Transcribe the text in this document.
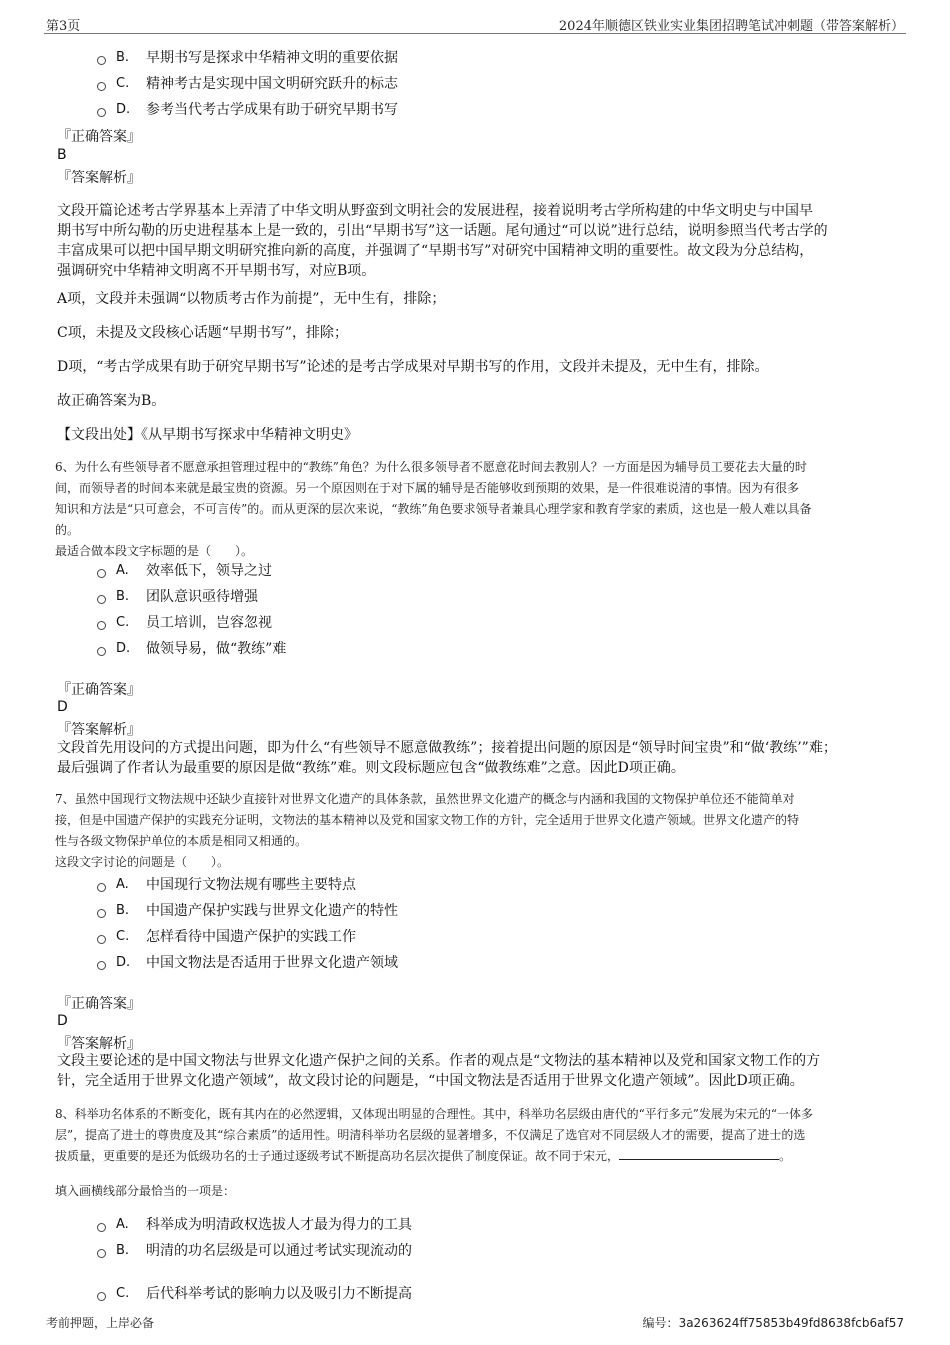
第3页	2024年顺德区铁业实业集团招聘笔试冲刺题（带答案解析）
B.	早期书写是探求中华精神文明的重要依据
C.	精神考古是实现中国文明研究跃升的标志
D.	参考当代考古学成果有助于研究早期书写
『正确答案』
B
『答案解析』
文段开篇论述考古学界基本上弄清了中华文明从野蛮到文明社会的发展进程，接着说明考古学所构建的中华文明史与中国早
期书写中所勾勒的历史进程基本上是一致的，引出“早期书写”这一话题。尾句通过“可以说”进行总结，说明参照当代考古学的
丰富成果可以把中国早期文明研究推向新的高度，并强调了“早期书写”对研究中国精神文明的重要性。故文段为分总结构，
强调研究中华精神文明离不开早期书写，对应B项。
A项，文段并未强调“以物质考古作为前提”，无中生有，排除；
C项，未提及文段核心话题“早期书写”，排除；
D项，“考古学成果有助于研究早期书写”论述的是考古学成果对早期书写的作用，文段并未提及，无中生有，排除。
故正确答案为B。
【文段出处】《从早期书写探求中华精神文明史》
6、为什么有些领导者不愿意承担管理过程中的“教练”角色？为什么很多领导者不愿意花时间去教别人？一方面是因为辅导员工要花去大量的时
间，而领导者的时间本来就是最宝贵的资源。另一个原因则在于对下属的辅导是否能够收到预期的效果，是一件很难说清的事情。因为有很多
知识和方法是“只可意会，不可言传”的。而从更深的层次来说，“教练”角色要求领导者兼具心理学家和教育学家的素质，这也是一般人难以具备
的。
最适合做本段文字标题的是（　　）。
A.	效率低下，领导之过
B.	团队意识亟待增强
C.	员工培训，岂容忽视
D.	做领导易，做“教练”难
『正确答案』
D
『答案解析』
文段首先用设问的方式提出问题，即为什么“有些领导不愿意做教练”；接着提出问题的原因是“领导时间宝贵”和“做‘教练’”难；
最后强调了作者认为最重要的原因是做“教练”难。则文段标题应包含“做教练难”之意。因此D项正确。
7、虽然中国现行文物法规中还缺少直接针对世界文化遗产的具体条款，虽然世界文化遗产的概念与内涵和我国的文物保护单位还不能简单对
接，但是中国遗产保护的实践充分证明，文物法的基本精神以及党和国家文物工作的方针，完全适用于世界文化遗产领域。世界文化遗产的特
性与各级文物保护单位的本质是相同又相通的。
这段文字讨论的问题是（　　）。
A.	中国现行文物法规有哪些主要特点
B.	中国遗产保护实践与世界文化遗产的特性
C.	怎样看待中国遗产保护的实践工作
D.	中国文物法是否适用于世界文化遗产领域
『正确答案』
D
『答案解析』
文段主要论述的是中国文物法与世界文化遗产保护之间的关系。作者的观点是“文物法的基本精神以及党和国家文物工作的方
针，完全适用于世界文化遗产领域”，故文段讨论的问题是，“中国文物法是否适用于世界文化遗产领域”。因此D项正确。
8、科举功名体系的不断变化，既有其内在的必然逻辑，又体现出明显的合理性。其中，科举功名层级由唐代的“平行多元”发展为宋元的“一体多
层”，提高了进士的尊贵度及其“综合素质”的适用性。明清科举功名层级的显著增多，不仅满足了选官对不同层级人才的需要，提高了进士的选
拔质量，更重要的是还为低级功名的士子通过逐级考试不断提高功名层次提供了制度保证。故不同于宋元，	。
填入画横线部分最恰当的一项是：
A.	科举成为明清政权选拔人才最为得力的工具
B.	明清的功名层级是可以通过考试实现流动的
C.	后代科举考试的影响力以及吸引力不断提高
考前押题，上岸必备	编号：3a263624ff75853b49fd8638fcb6af57
